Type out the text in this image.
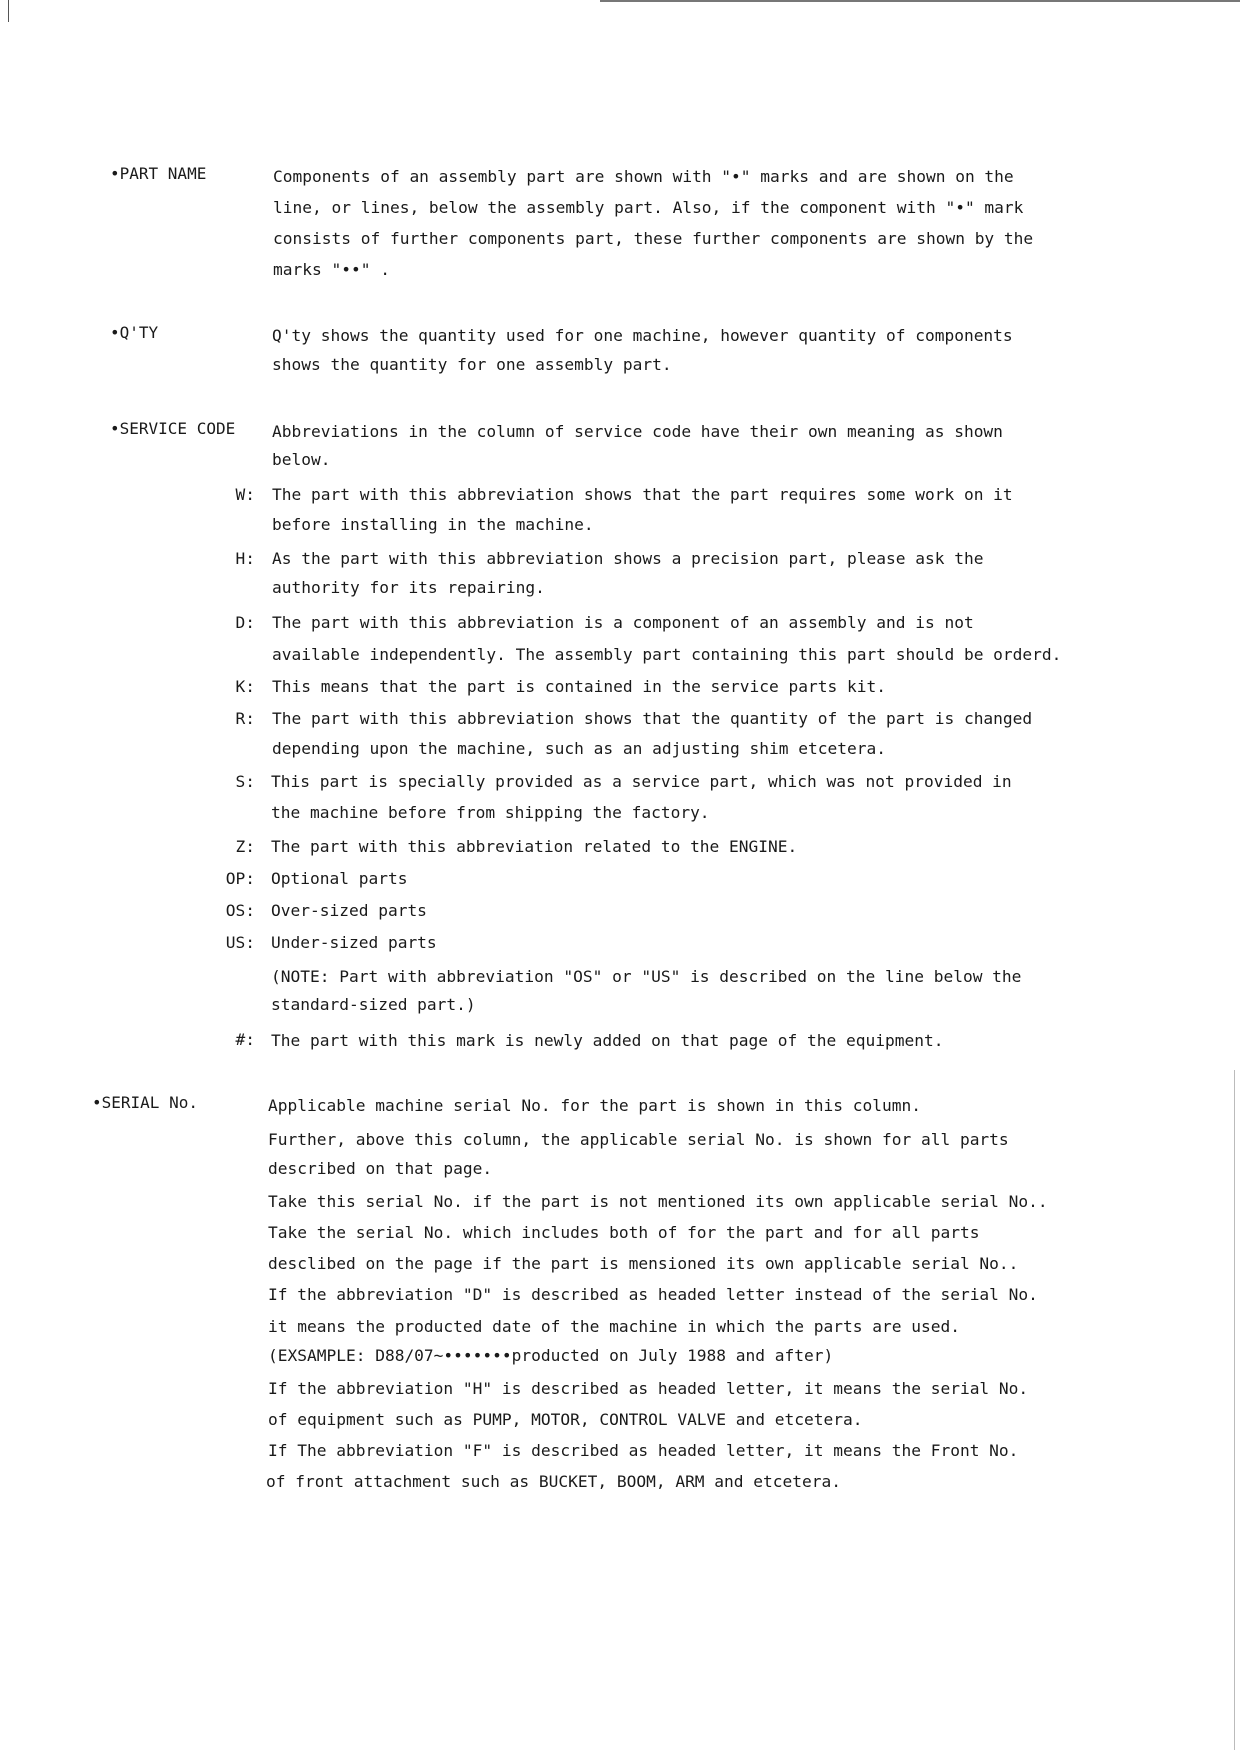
•PART NAME	Components of an assembly part are shown with "•" marks and are shown on the
line, or lines, below the assembly part. Also, if the component with "•" mark
consists of further components part, these further components are shown by the
marks "••" .
•Q'TY	Q'ty shows the quantity used for one machine, however quantity of components
shows the quantity for one assembly part.
•SERVICE CODE Abbreviations in the column of service code have their own meaning as shown
below.
W: The part with this abbreviation shows that the part requires some work on it
before installing in the machine.
H: As the part with this abbreviation shows a precision part, please ask the
authority for its repairing.
D: The part with this abbreviation is a component of an assembly and is not
available independently. The assembly part containing this part should be orderd.
K: This means that the part is contained in the service parts kit.
R: The part with this abbreviation shows that the quantity of the part is changed
depending upon the machine, such as an adjusting shim etcetera.
S: This part is specially provided as a service part, which was not provided in
the machine before from shipping the factory.
Z: The part with this abbreviation related to the ENGINE.
OP: Optional parts
OS: Over-sized parts
US: Under-sized parts
(NOTE: Part with abbreviation "OS" or "US" is described on the line below the
standard-sized part.)
#: The part with this mark is newly added on that page of the equipment.
•SERIAL No.	Applicable machine serial No. for the part is shown in this column.
Further, above this column, the applicable serial No. is shown for all parts
described on that page.
Take this serial No. if the part is not mentioned its own applicable serial No..
Take the serial No. which includes both of for the part and for all parts
desclibed on the page if the part is mensioned its own applicable serial No..
If the abbreviation "D" is described as headed letter instead of the serial No.
it means the producted date of the machine in which the parts are used.
(EXSAMPLE: D88/07~•••••••producted on July 1988 and after)
If the abbreviation "H" is described as headed letter, it means the serial No.
of equipment such as PUMP, MOTOR, CONTROL VALVE and etcetera.
If The abbreviation "F" is described as headed letter, it means the Front No.
of front attachment such as BUCKET, BOOM, ARM and etcetera.
